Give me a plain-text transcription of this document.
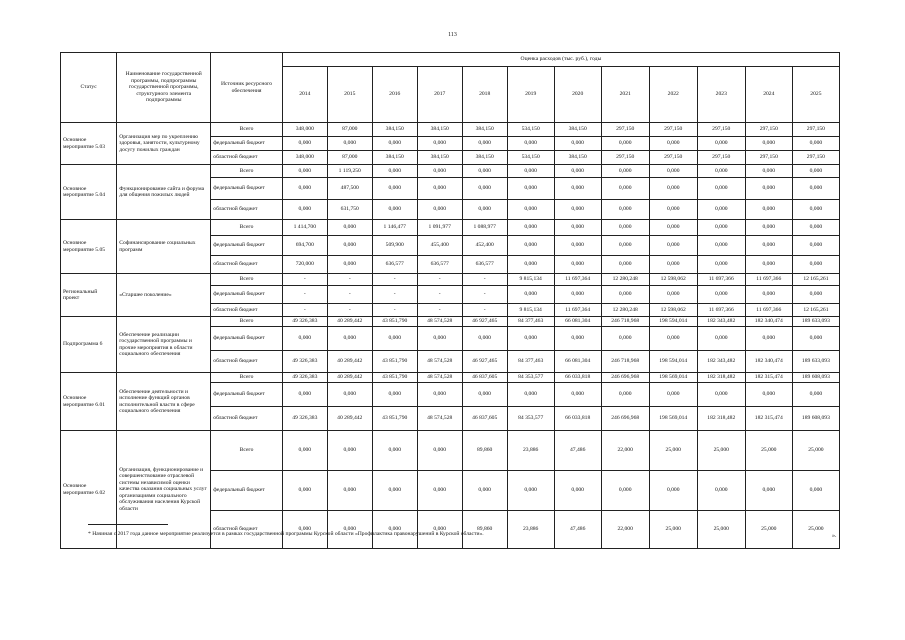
113
Статус	Наименование государственной программы, подпрограммы государственной программы, структурного элемента подпрограммы	Источник ресурсного обеспечения	Оценка расходов (тыс. руб.), годы											
			2014	2015	2016	2017	2018	2019	2020	2021	2022	2023	2024	2025
Основное мероприятие 5.03	Организация мер по укреплению здоровья, занятости, культурному досугу пожилых граждан	Всего	348,000	87,000	384,150	384,150	384,150	534,150	384,150	297,150	297,150	297,150	297,150	297,150
		федеральный бюджет	0,000	0,000	0,000	0,000	0,000	0,000	0,000	0,000	0,000	0,000	0,000	0,000
		областной бюджет	348,000	87,000	384,150	384,150	384,150	534,150	384,150	297,150	297,150	297,150	297,150	297,150
Основное мероприятие 5.04	Функционирование сайта и форума для общения пожилых людей	Всего	0,000	1 119,250	0,000	0,000	0,000	0,000	0,000	0,000	0,000	0,000	0,000	0,000
		федеральный бюджет	0,000	487,500	0,000	0,000	0,000	0,000	0,000	0,000	0,000	0,000	0,000	0,000
		областной бюджет	0,000	631,750	0,000	0,000	0,000	0,000	0,000	0,000	0,000	0,000	0,000	0,000
Основное мероприятие 5.05	Софинансирование социальных программ	Всего	1 414,700	0,000	1 146,477	1 091,977	1 088,977	0,000	0,000	0,000	0,000	0,000	0,000	0,000
		федеральный бюджет	694,700	0,000	509,900	455,400	452,400	0,000	0,000	0,000	0,000	0,000	0,000	0,000
		областной бюджет	720,000	0,000	636,577	636,577	636,577	0,000	0,000	0,000	0,000	0,000	0,000	0,000
Региональный проект	«Старшее поколение»	Всего	-	-	-	-	-	9 815,134	11 697,364	12 280,248	12 598,062	11 697,366	11 697,366	12 165,261
		федеральный бюджет	-	-	-	-	-	0,000	0,000	0,000	0,000	0,000	0,000	0,000
		областной бюджет	-	-	-	-	-	9 815,134	11 697,364	12 280,248	12 598,062	11 697,366	11 697,366	12 165,261
Подпрограмма 6	Обеспечение реализации государственной программы и прочие мероприятия в области социального обеспечения	Всего	49 326,383	40 289,442	43 851,790	48 574,528	46 927,465	84 377,463	66 081,304	246 718,968	198 594,014	182 343,482	182 340,474	189 633,093
		федеральный бюджет	0,000	0,000	0,000	0,000	0,000	0,000	0,000	0,000	0,000	0,000	0,000	0,000
		областной бюджет	49 326,383	40 289,442	43 851,790	48 574,528	46 927,465	84 377,463	66 081,304	246 718,968	198 594,014	182 343,482	182 340,474	189 633,093
Основное мероприятие 6.01	Обеспечение деятельности и исполнение функций органов исполнительной власти в сфере социального обеспечения	Всего	49 326,383	40 289,442	43 851,790	48 574,528	46 837,605	84 353,577	66 033,818	246 696,968	198 569,014	182 318,482	182 315,474	189 608,093
		федеральный бюджет	0,000	0,000	0,000	0,000	0,000	0,000	0,000	0,000	0,000	0,000	0,000	0,000
		областной бюджет	49 326,383	40 289,442	43 851,790	48 574,528	46 837,605	84 353,577	66 033,818	246 696,968	198 569,014	182 318,482	182 315,474	189 608,093
Основное мероприятие 6.02	Организация, функционирование и совершенствование отраслевой системы независимой оценки качества оказания социальных услуг организациями социального обслуживания населения Курской области	Всего	0,000	0,000	0,000	0,000	89,860	23,886	47,486	22,000	25,000	25,000	25,000	25,000
		федеральный бюджет	0,000	0,000	0,000	0,000	0,000	0,000	0,000	0,000	0,000	0,000	0,000	0,000
		областной бюджет	0,000	0,000	0,000	0,000	89,860	23,886	47,486	22,000	25,000	25,000	25,000	25,000
* Начиная с 2017 года данное мероприятие реализуется в рамках государственной программы Курской области «Профилактика правонарушений в Курской области».	».
